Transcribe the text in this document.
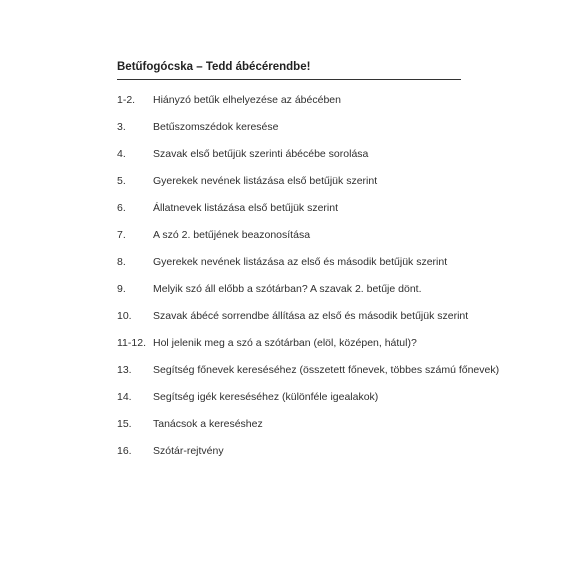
Betűfogócska – Tedd ábécérendbe!
1-2. Hiányzó betűk elhelyezése az ábécében
3.	Betűszomszédok keresése
4.	Szavak első betűjük szerinti ábécébe sorolása
5.	Gyerekek nevének listázása első betűjük szerint
6.	Állatnevek listázása első betűjük szerint
7.	A szó 2. betűjének beazonosítása
8.	Gyerekek nevének listázása az első és második betűjük szerint
9.	Melyik szó áll előbb a szótárban? A szavak 2. betűje dönt.
10. Szavak ábécé sorrendbe állítása az első és második betűjük szerint
11-12. Hol jelenik meg a szó a szótárban (elöl, középen, hátul)?
13. Segítség főnevek kereséséhez (összetett főnevek, többes számú főnevek)
14. Segítség igék kereséséhez (különféle igealakok)
15. Tanácsok a kereséshez
16. Szótár-rejtvény
